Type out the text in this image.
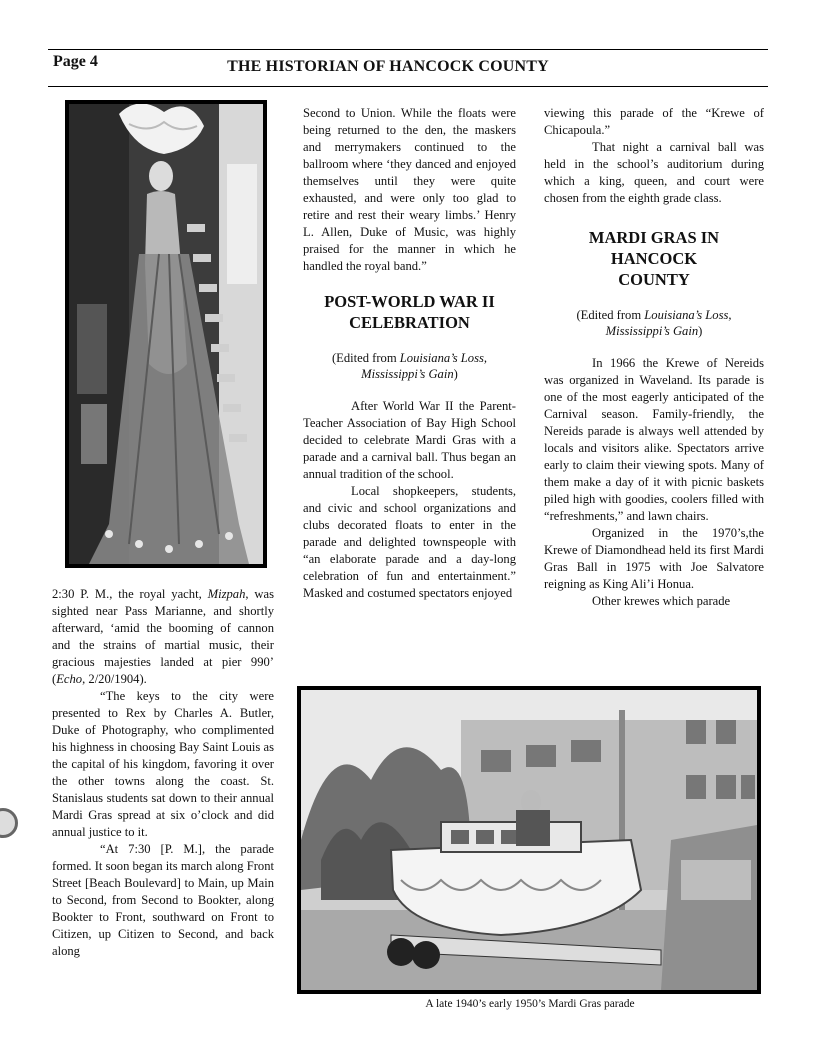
Page 4	THE HISTORIAN OF HANCOCK COUNTY

2:30 P. M., the royal yacht, Mizpah, was sighted near Pass Marianne, and shortly afterward, ‘amid the booming of cannon and the strains of martial music, their gracious majesties landed at pier 990’ (Echo, 2/20/1904).

“The keys to the city were presented to Rex by Charles A. Butler, Duke of Photography, who complimented his highness in choosing Bay Saint Louis as the capital of his kingdom, favoring it over the other towns along the coast. St. Stanislaus students sat down to their annual Mardi Gras spread at six o’clock and did annual justice to it.

“At 7:30 [P. M.], the parade formed. It soon began its march along Front Street [Beach Boulevard] to Main, up Main to Second, from Second to Bookter, along Bookter to Front, southward on Front to Citizen, up Citizen to Second, and back along

Second to Union. While the floats were being returned to the den, the maskers and merrymakers continued to the ballroom where ‘they danced and enjoyed themselves until they were quite exhausted, and were only too glad to retire and rest their weary limbs.’ Henry L. Allen, Duke of Music, was highly praised for the manner in which he handled the royal band.”

POST-WORLD WAR II CELEBRATION

(Edited from Louisiana’s Loss, Mississippi’s Gain)

After World War II the Parent-Teacher Association of Bay High School decided to celebrate Mardi Gras with a parade and a carnival ball. Thus began an annual tradition of the school.

Local shopkeepers, students, and civic and school organizations and clubs decorated floats to enter in the parade and delighted townspeople with “an elaborate parade and a day-long celebration of fun and entertainment.” Masked and costumed spectators enjoyed

viewing this parade of the “Krewe of Chicapoula.”

That night a carnival ball was held in the school’s auditorium during which a king, queen, and court were chosen from the eighth grade class.

MARDI GRAS IN HANCOCK COUNTY

(Edited from Louisiana’s Loss, Mississippi’s Gain)

In 1966 the Krewe of Nereids was organized in Waveland. Its parade is one of the most eagerly anticipated of the Carnival season. Family-friendly, the Nereids parade is always well attended by locals and visitors alike. Spectators arrive early to claim their viewing spots. Many of them make a day of it with picnic baskets piled high with goodies, coolers filled with “refreshments,” and lawn chairs.

Organized in the 1970’s,the Krewe of Diamondhead held its first Mardi Gras Ball in 1975 with Joe Salvatore reigning as King Ali’i Honua.

Other krewes which parade

A late 1940’s early 1950’s Mardi Gras parade
